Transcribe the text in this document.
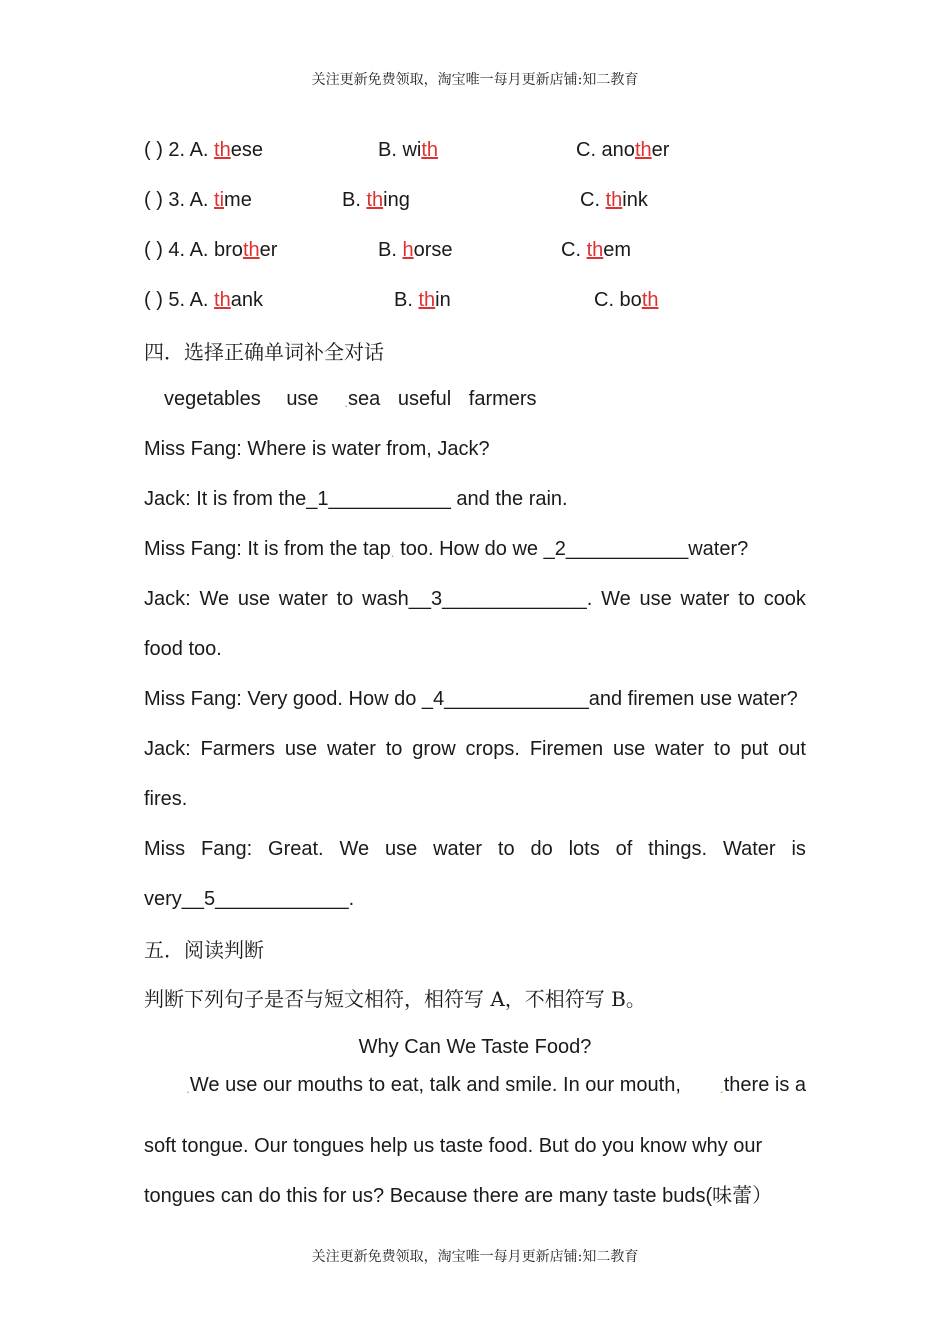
关注更新免费领取，淘宝唯一每月更新店铺:知二教育
( ) 2. A. these	B. with	C. another
( ) 3. A. time	B. thing	C. think
( ) 4. A. brother	B. horse	C. them
( ) 5. A. thank	B. thin	C. both
四．选择正确单词补全对话
vegetables use .sea useful farmers
Miss Fang: Where is water from, Jack?
Jack: It is from the_1___________ and the rain.
Miss Fang: It is from the tap. too. How do we _2___________water?
Jack: We use water to wash__3_____________. We use water to cook
food too.
Miss Fang: Very good. How do _4_____________and firemen use water?
Jack: Farmers use water to grow crops. Firemen use water to put out
fires.
Miss Fang: Great. We use water to do lots of things. Water is
very__5____________.
五．阅读判断
判断下列句子是否与短文相符，相符写 A，不相符写 B。
Why Can We Taste Food?
.We use our mouths to eat, talk and smile. In our mouth,	.there is a
soft tongue. Our tongues help us taste food. But do you know why our
tongues can do this for us? Because there are many taste buds(味蕾）
关注更新免费领取，淘宝唯一每月更新店铺:知二教育
